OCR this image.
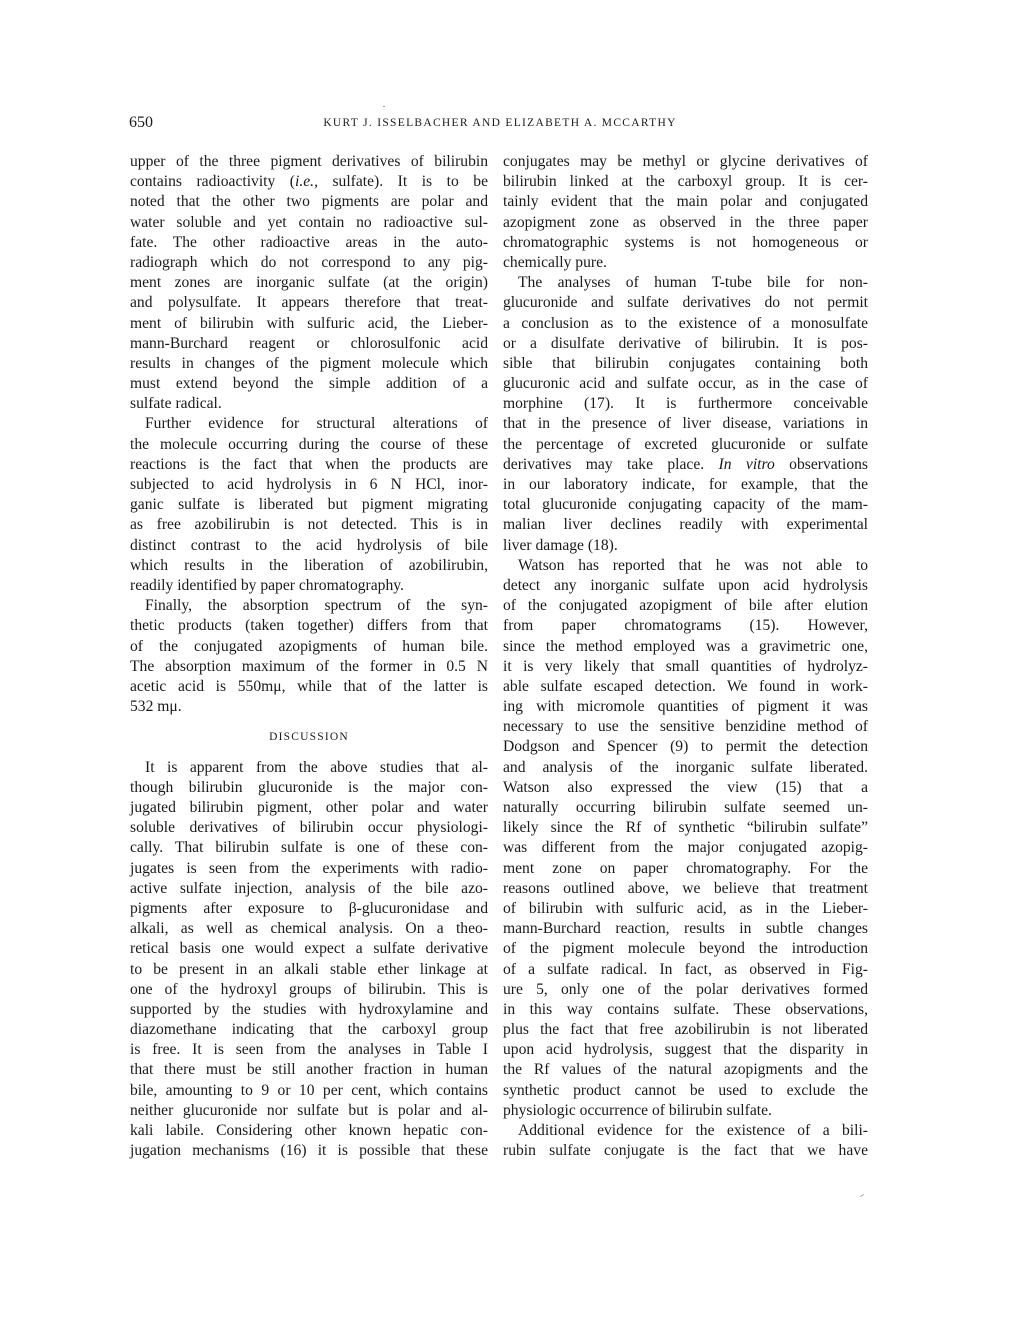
650	KURT J. ISSELBACHER AND ELIZABETH A. MCCARTHY
upper of the three pigment derivatives of bilirubin
contains radioactivity (i.e., sulfate). It is to be
noted that the other two pigments are polar and
water soluble and yet contain no radioactive sul-
fate. The other radioactive areas in the auto-
radiograph which do not correspond to any pig-
ment zones are inorganic sulfate (at the origin)
and polysulfate. It appears therefore that treat-
ment of bilirubin with sulfuric acid, the Lieber-
mann-Burchard reagent or chlorosulfonic acid
results in changes of the pigment molecule which
must extend beyond the simple addition of a
sulfate radical.
Further evidence for structural alterations of
the molecule occurring during the course of these
reactions is the fact that when the products are
subjected to acid hydrolysis in 6 N HCl, inor-
ganic sulfate is liberated but pigment migrating
as free azobilirubin is not detected. This is in
distinct contrast to the acid hydrolysis of bile
which results in the liberation of azobilirubin,
readily identified by paper chromatography.
Finally, the absorption spectrum of the syn-
thetic products (taken together) differs from that
of the conjugated azopigments of human bile.
The absorption maximum of the former in 0.5 N
acetic acid is 550mμ, while that of the latter is
532 mμ.
DISCUSSION
It is apparent from the above studies that al-
though bilirubin glucuronide is the major con-
jugated bilirubin pigment, other polar and water
soluble derivatives of bilirubin occur physiologi-
cally. That bilirubin sulfate is one of these con-
jugates is seen from the experiments with radio-
active sulfate injection, analysis of the bile azo-
pigments after exposure to β-glucuronidase and
alkali, as well as chemical analysis. On a theo-
retical basis one would expect a sulfate derivative
to be present in an alkali stable ether linkage at
one of the hydroxyl groups of bilirubin. This is
supported by the studies with hydroxylamine and
diazomethane indicating that the carboxyl group
is free. It is seen from the analyses in Table I
that there must be still another fraction in human
bile, amounting to 9 or 10 per cent, which contains
neither glucuronide nor sulfate but is polar and al-
kali labile. Considering other known hepatic con-
jugation mechanisms (16) it is possible that these
conjugates may be methyl or glycine derivatives of
bilirubin linked at the carboxyl group. It is cer-
tainly evident that the main polar and conjugated
azopigment zone as observed in the three paper
chromatographic systems is not homogeneous or
chemically pure.
The analyses of human T-tube bile for non-
glucuronide and sulfate derivatives do not permit
a conclusion as to the existence of a monosulfate
or a disulfate derivative of bilirubin. It is pos-
sible that bilirubin conjugates containing both
glucuronic acid and sulfate occur, as in the case of
morphine (17). It is furthermore conceivable
that in the presence of liver disease, variations in
the percentage of excreted glucuronide or sulfate
derivatives may take place. In vitro observations
in our laboratory indicate, for example, that the
total glucuronide conjugating capacity of the mam-
malian liver declines readily with experimental
liver damage (18).
Watson has reported that he was not able to
detect any inorganic sulfate upon acid hydrolysis
of the conjugated azopigment of bile after elution
from paper chromatograms (15). However,
since the method employed was a gravimetric one,
it is very likely that small quantities of hydrolyz-
able sulfate escaped detection. We found in work-
ing with micromole quantities of pigment it was
necessary to use the sensitive benzidine method of
Dodgson and Spencer (9) to permit the detection
and analysis of the inorganic sulfate liberated.
Watson also expressed the view (15) that a
naturally occurring bilirubin sulfate seemed un-
likely since the Rf of synthetic “bilirubin sulfate”
was different from the major conjugated azopig-
ment zone on paper chromatography. For the
reasons outlined above, we believe that treatment
of bilirubin with sulfuric acid, as in the Lieber-
mann-Burchard reaction, results in subtle changes
of the pigment molecule beyond the introduction
of a sulfate radical. In fact, as observed in Fig-
ure 5, only one of the polar derivatives formed
in this way contains sulfate. These observations,
plus the fact that free azobilirubin is not liberated
upon acid hydrolysis, suggest that the disparity in
the Rf values of the natural azopigments and the
synthetic product cannot be used to exclude the
physiologic occurrence of bilirubin sulfate.
Additional evidence for the existence of a bili-
rubin sulfate conjugate is the fact that we have
